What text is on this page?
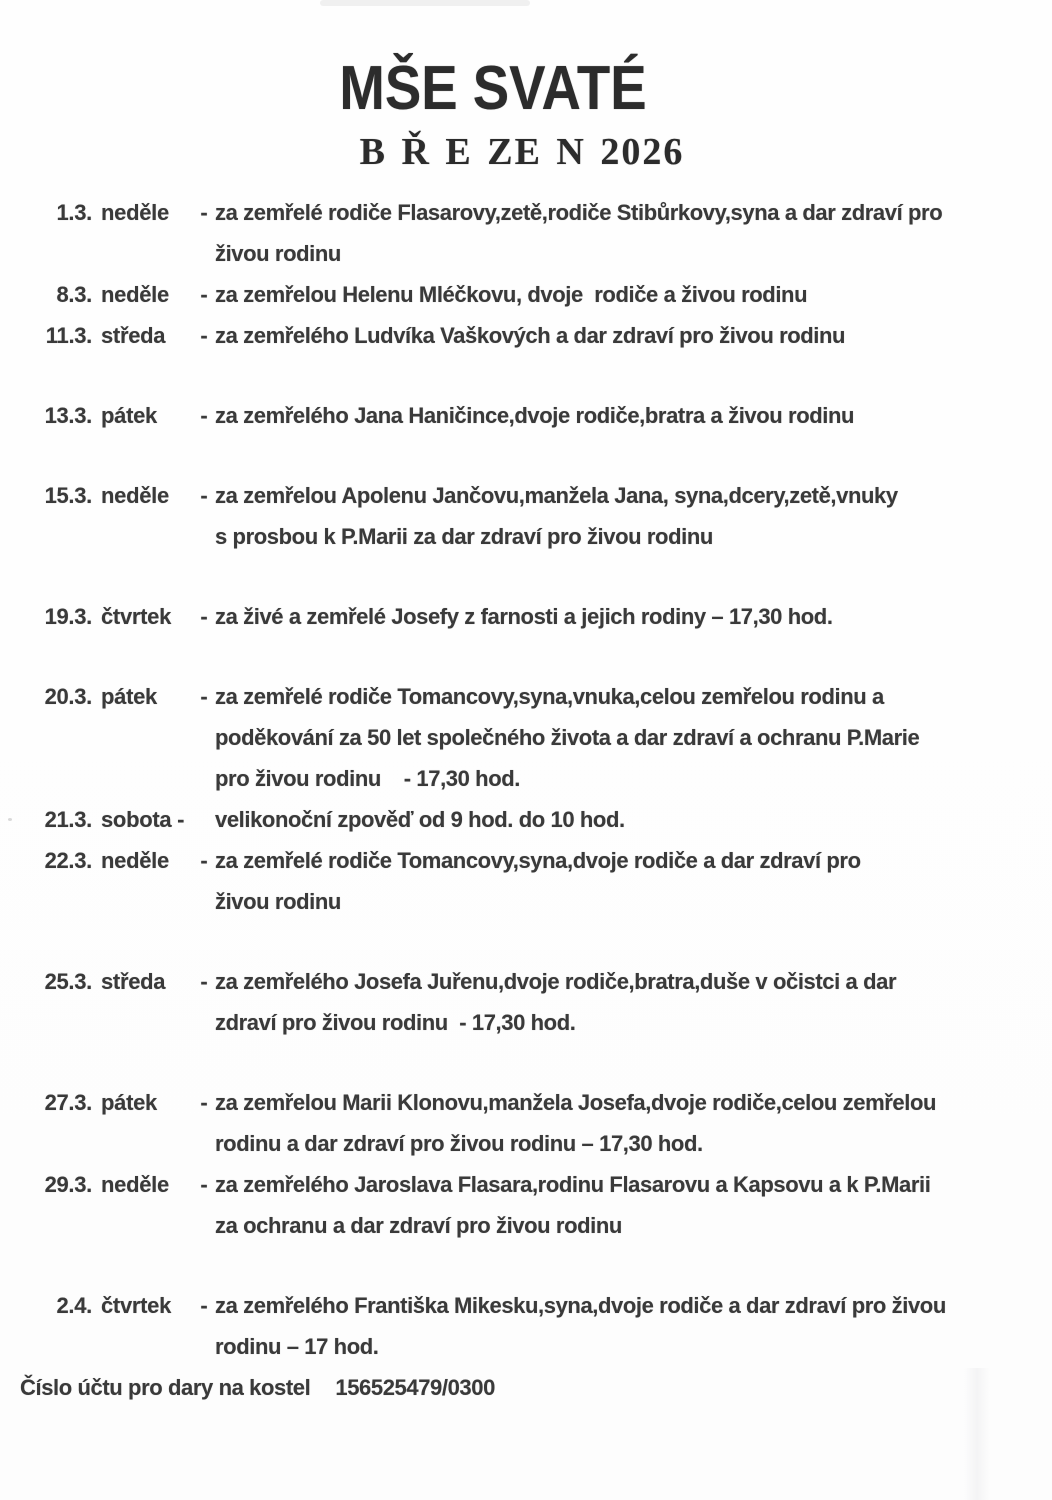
MŠE SVATÉ
B Ř E ZE N 2026
1.3. neděle	- za zemřelé rodiče Flasarovy,zetě,rodiče Stibůrkovy,syna a dar zdraví pro
živou rodinu
8.3. neděle	- za zemřelou Helenu Mléčkovu, dvoje  rodiče a živou rodinu
11.3. středa	- za zemřelého Ludvíka Vaškových a dar zdraví pro živou rodinu
13.3. pátek	- za zemřelého Jana Haničince,dvoje rodiče,bratra a živou rodinu
15.3. neděle	- za zemřelou Apolenu Jančovu,manžela Jana, syna,dcery,zetě,vnuky
s prosbou k P.Marii za dar zdraví pro živou rodinu
19.3. čtvrtek	- za živé a zemřelé Josefy z farnosti a jejich rodiny – 17,30 hod.
20.3. pátek	- za zemřelé rodiče Tomancovy,syna,vnuka,celou zemřelou rodinu a
poděkování za 50 let společného života a dar zdraví a ochranu P.Marie
pro živou rodinu    - 17,30 hod.
21.3. sobota - velikonoční zpověď od 9 hod. do 10 hod.
22.3. neděle	- za zemřelé rodiče Tomancovy,syna,dvoje rodiče a dar zdraví pro
živou rodinu
25.3. středa	- za zemřelého Josefa Juřenu,dvoje rodiče,bratra,duše v očistci a dar
zdraví pro živou rodinu  - 17,30 hod.
27.3. pátek	- za zemřelou Marii Klonovu,manžela Josefa,dvoje rodiče,celou zemřelou
rodinu a dar zdraví pro živou rodinu – 17,30 hod.
29.3. neděle	- za zemřelého Jaroslava Flasara,rodinu Flasarovu a Kapsovu a k P.Marii
za ochranu a dar zdraví pro živou rodinu
2.4. čtvrtek	- za zemřelého Františka Mikesku,syna,dvoje rodiče a dar zdraví pro živou
rodinu – 17 hod.
Číslo účtu pro dary na kostel 156525479/0300
